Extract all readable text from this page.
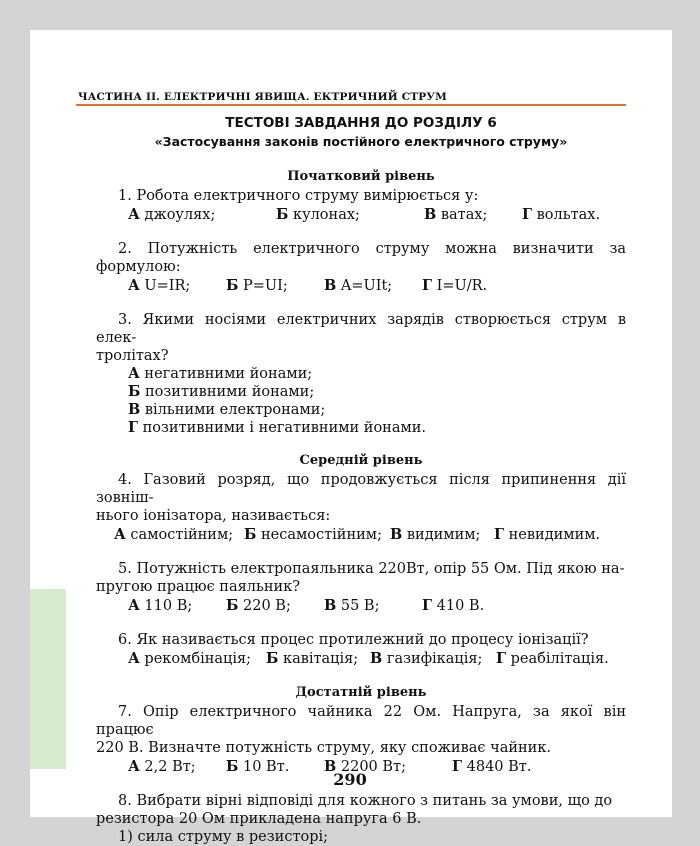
ЧАСТИНА ІІ. ЕЛЕКТРИЧНІ ЯВИЩА. ЕКТРИЧНИЙ СТРУМ
ТЕСТОВІ ЗАВДАННЯ ДО РОЗДІЛУ 6
«Застосування законів постійного електричного струму»
Початковий рівень

1. Робота електричного струму вимірюється у:

А джоулях;	Б кулонах;	В ватах; Г вольтах.

2. Потужність електричного струму можна визначити за формулою:

А U=IR; Б P=UI;	В A=UIt; Г I=U/R.

3. Якими носіями електричних зарядів створюється струм в елек-

тролітах?

А негативними йонами;
Б позитивними йонами;
В вільними електронами;
Г позитивними і негативними йонами.
Середній рівень

4. Газовий розряд, що продовжується після припинення дії зовніш-

нього іонізатора, називається:

А самостійним; Б несамостійним; В видимим; Г невидимим.

5. Потужність електропаяльника 220Вт, опір 55 Ом. Під якою на-

пругою працює паяльник?

А 110 В; Б 220 В; В 55 В;	Г 410 В.

6. Як називається процес протилежний до процесу іонізації?

А рекомбінація; Б кавітація; В газифікація; Г реабілітація.
Достатній рівень

7. Опір електричного чайника 22 Ом. Напруга, за якої він працює

220 В. Визначте потужність струму, яку споживає чайник.

А 2,2 Вт; Б 10 Вт. В 2200 Вт;	Г 4840 Вт.

8. Вибрати вірні відповіді для кожного з питань за умови, що до

резистора 20 Ом прикладена напруга 6 В.

1) сила струму в резисторі;

290
